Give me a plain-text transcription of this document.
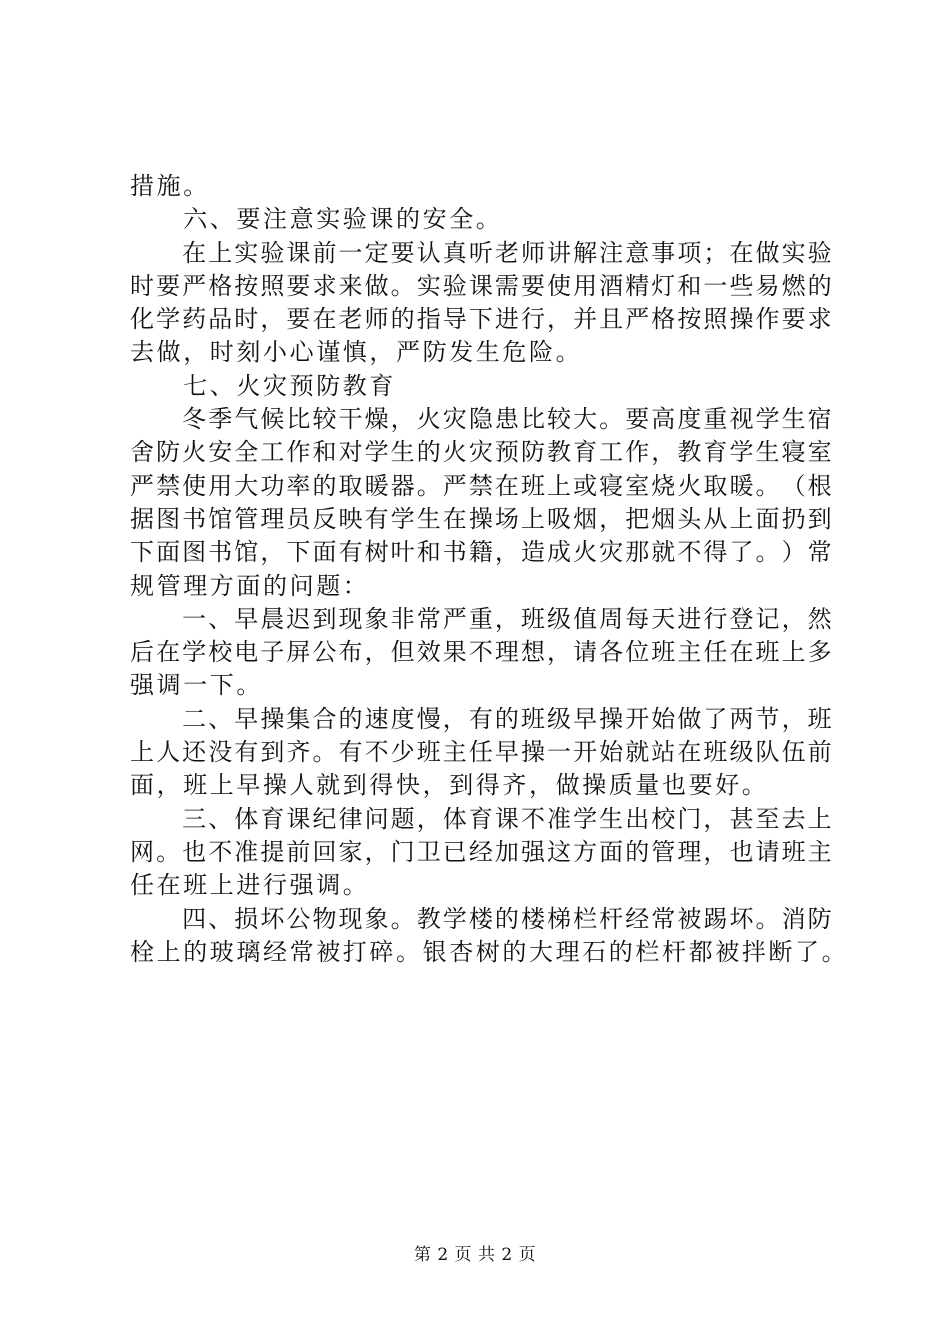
措施。
　　六、要注意实验课的安全。

在 上 实 验 课 前 一 定 要 认 真 听 老 师 讲 解 注 意 事 项 ； 在 做 实 验
时 要 严 格 按 照 要 求 来 做 。 实 验 课 需 要 使 用 酒 精 灯 和 一 些 易 燃 的
化 学 药 品 时 ， 要 在 老 师 的 指 导 下 进 行 ， 并 且 严 格 按 照 操 作 要 求
去做，时刻小心谨慎，严防发生危险。
　　七、火灾预防教育

冬 季 气 候 比 较 干 燥 ， 火 灾 隐 患 比 较 大 。 要 高 度 重 视 学 生 宿
舍 防 火 安 全 工 作 和 对 学 生 的 火 灾 预 防 教 育 工 作 ， 教 育 学 生 寝 室
严 禁 使 用 大 功 率 的 取 暖 器 。 严 禁 在 班 上 或 寝 室 烧 火 取 暖 。 （ 根
据 图 书 馆 管 理 员 反 映 有 学 生 在 操 场 上 吸 烟 ， 把 烟 头 从 上 面 扔 到
下 面 图 书 馆 ， 下 面 有 树 叶 和 书 籍 ， 造 成 火 灾 那 就 不 得 了 。 ） 常
规管理方面的问题：

一 、 早 晨 迟 到 现 象 非 常 严 重 ， 班 级 值 周 每 天 进 行 登 记 ， 然
后 在 学 校 电 子 屏 公 布 ， 但 效 果 不 理 想 ， 请 各 位 班 主 任 在 班 上 多
强调一下。

二 、 早 操 集 合 的 速 度 慢 ， 有 的 班 级 早 操 开 始 做 了 两 节 ， 班
上 人 还 没 有 到 齐 。 有 不 少 班 主 任 早 操 一 开 始 就 站 在 班 级 队 伍 前
面，班上早操人就到得快，到得齐，做操质量也要好。

三 、 体 育 课 纪 律 问 题 ， 体 育 课 不 准 学 生 出 校 门 ， 甚 至 去 上
网 。 也 不 准 提 前 回 家 ， 门 卫 已 经 加 强 这 方 面 的 管 理 ， 也 请 班 主
任在班上进行强调。

四 、 损 坏 公 物 现 象 。 教 学 楼 的 楼 梯 栏 杆 经 常 被 踢 坏 。 消 防
栓上的玻璃经常被打碎。银杏树的大理石的栏杆都被拌断了。
第 2 页 共 2 页
